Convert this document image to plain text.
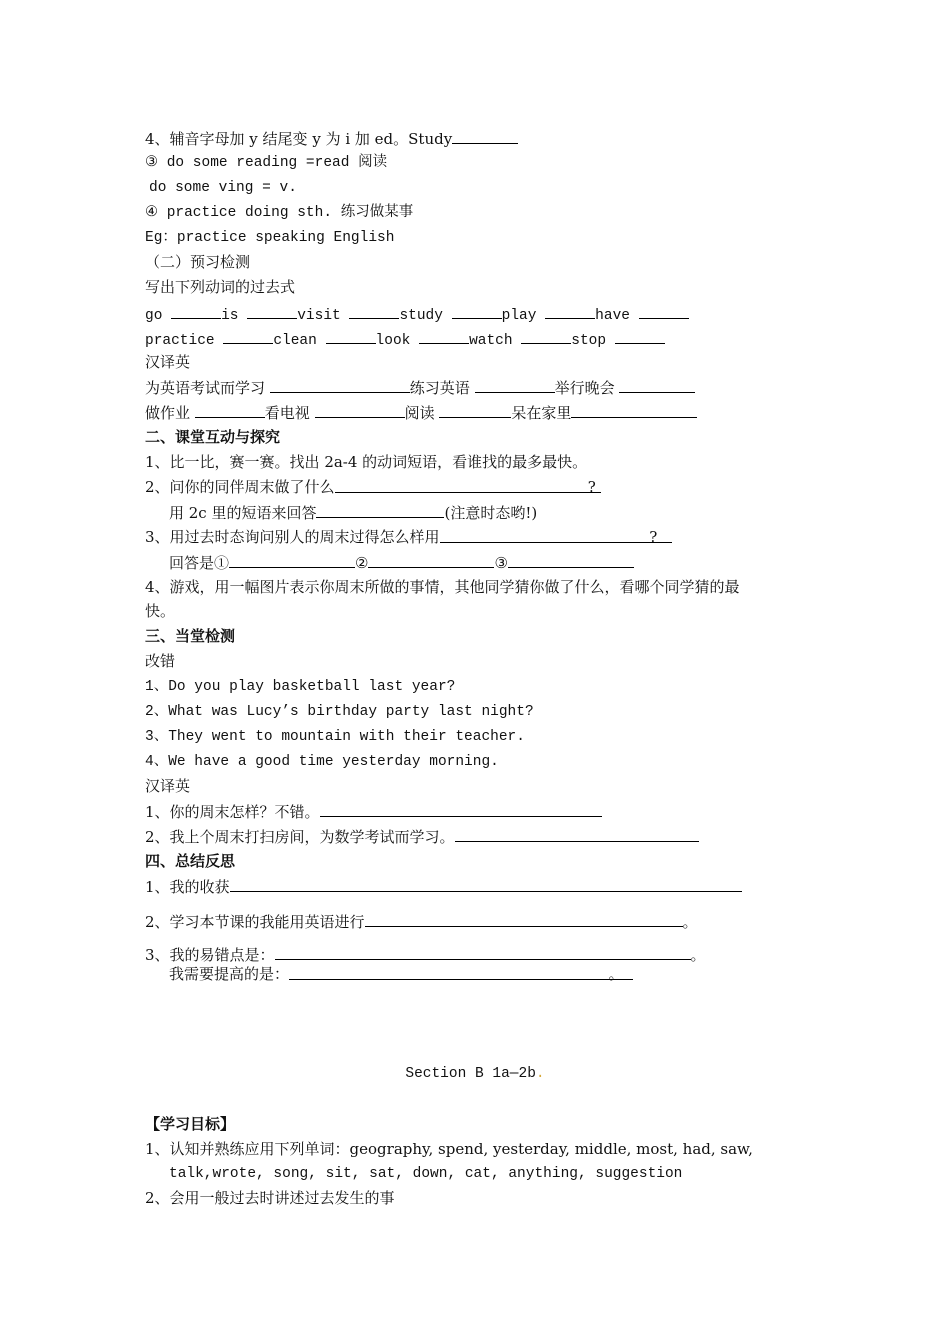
4、辅音字母加 y 结尾变 y 为 i 加 ed。Study
③ do some reading =read 阅读
do some ving = v.
④ practice doing sth. 练习做某事
Eg：practice speaking English
（二）预习检测
写出下列动词的过去式
go	is	visit	study	play	have
practice	clean	look	watch	stop
汉译英
为英语考试而学习	练习英语	举行晚会
做作业	看电视	阅读	呆在家里
二、课堂互动与探究
1、比一比，赛一赛。找出 2a-4 的动词短语，看谁找的最多最快。
2、问你的同伴周末做了什么	?
用 2c 里的短语来回答	(注意时态哟!)
3、用过去时态询问别人的周末过得怎么样用	?
回答是①	②	③
4、游戏，用一幅图片表示你周末所做的事情，其他同学猜你做了什么，看哪个同学猜的最
快。
三、当堂检测
改错
1、Do you play basketball last year?
2、What was Lucy’s birthday party last night?
3、They went to mountain with their teacher.
4、We have a good time yesterday morning.
汉译英
1、你的周末怎样？不错。
2、我上个周末打扫房间，为数学考试而学习。
四、总结反思
1、我的收获
2、学习本节课的我能用英语进行	。
3、我的易错点是：	。
我需要提高的是：	。
Section B 1a—2b.
【学习目标】
1、认知并熟练应用下列单词：geography, spend, yesterday, middle, most, had, saw,
talk,wrote, song, sit, sat, down, cat, anything, suggestion
2、会用一般过去时讲述过去发生的事
